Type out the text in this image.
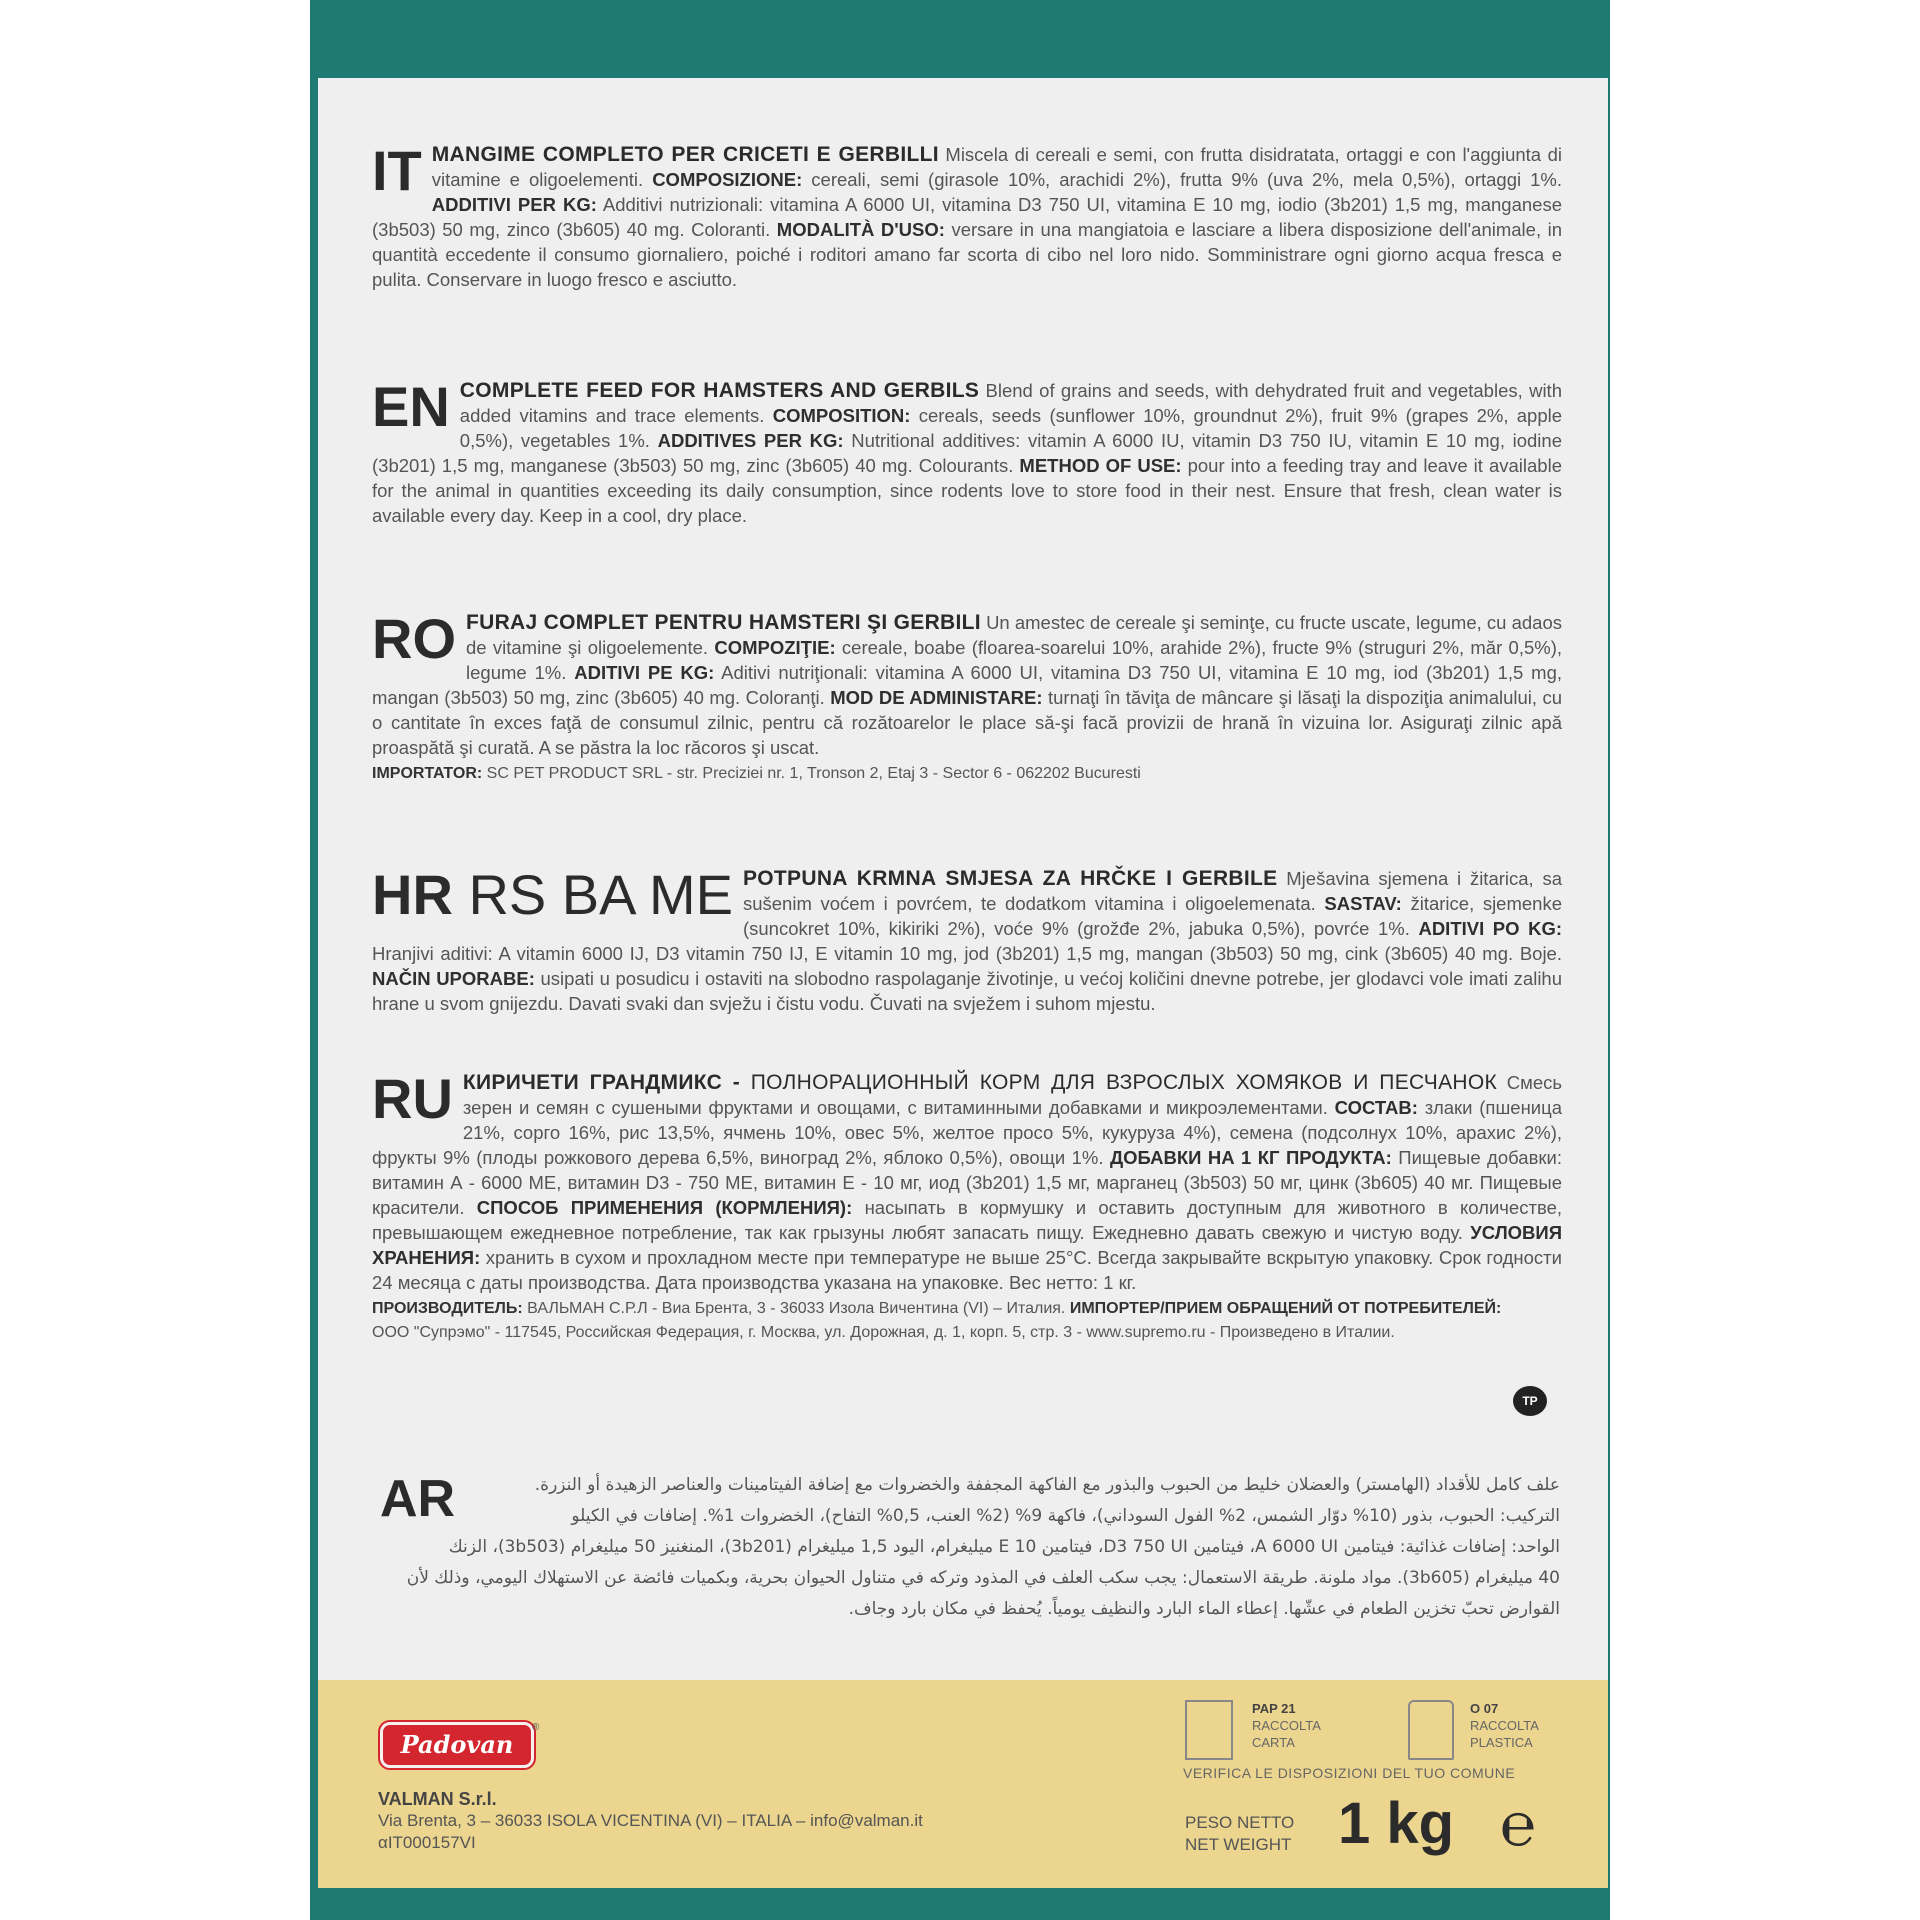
IT MANGIME COMPLETO PER CRICETI E GERBILLI Miscela di cereali e semi, con frutta disidratata, ortaggi e con l'aggiunta di vitamine e oligoelementi. COMPOSIZIONE: cereali, semi (girasole 10%, arachidi 2%), frutta 9% (uva 2%, mela 0,5%), ortaggi 1%. ADDITIVI PER KG: Additivi nutrizionali: vitamina A 6000 UI, vitamina D3 750 UI, vitamina E 10 mg, iodio (3b201) 1,5 mg, manganese (3b503) 50 mg, zinco (3b605) 40 mg. Coloranti. MODALITÀ D'USO: versare in una mangiatoia e lasciare a libera disposizione dell'animale, in quantità eccedente il consumo giornaliero, poiché i roditori amano far scorta di cibo nel loro nido. Somministrare ogni giorno acqua fresca e pulita. Conservare in luogo fresco e asciutto.
EN COMPLETE FEED FOR HAMSTERS AND GERBILS Blend of grains and seeds, with dehydrated fruit and vegetables, with added vitamins and trace elements. COMPOSITION: cereals, seeds (sunflower 10%, groundnut 2%), fruit 9% (grapes 2%, apple 0,5%), vegetables 1%. ADDITIVES PER KG: Nutritional additives: vitamin A 6000 IU, vitamin D3 750 IU, vitamin E 10 mg, iodine (3b201) 1,5 mg, manganese (3b503) 50 mg, zinc (3b605) 40 mg. Colourants. METHOD OF USE: pour into a feeding tray and leave it available for the animal in quantities exceeding its daily consumption, since rodents love to store food in their nest. Ensure that fresh, clean water is available every day. Keep in a cool, dry place.
RO FURAJ COMPLET PENTRU HAMSTERI ŞI GERBILI Un amestec de cereale şi seminţe, cu fructe uscate, legume, cu adaos de vitamine şi oligoelemente. COMPOZIŢIE: cereale, boabe (floarea-soarelui 10%, arahide 2%), fructe 9% (struguri 2%, măr 0,5%), legume 1%. ADITIVI PE KG: Aditivi nutriţionali: vitamina A 6000 UI, vitamina D3 750 UI, vitamina E 10 mg, iod (3b201) 1,5 mg, mangan (3b503) 50 mg, zinc (3b605) 40 mg. Coloranţi. MOD DE ADMINISTARE: turnaţi în tăviţa de mâncare şi lăsaţi la dispoziţia animalului, cu o cantitate în exces faţă de consumul zilnic, pentru că rozătoarelor le place să-şi facă provizii de hrană în vizuina lor. Asiguraţi zilnic apă proaspătă şi curată. A se păstra la loc răcoros şi uscat.
IMPORTATOR: SC PET PRODUCT SRL - str. Preciziei nr. 1, Tronson 2, Etaj 3 - Sector 6 - 062202 Bucuresti
HR RS BA ME POTPUNA KRMNA SMJESA ZA HRČKE I GERBILE Mješavina sjemena i žitarica, sa sušenim voćem i povrćem, te dodatkom vitamina i oligoelemenata. SASTAV: žitarice, sjemenke (suncokret 10%, kikiriki 2%), voće 9% (grožđe 2%, jabuka 0,5%), povrće 1%. ADITIVI PO KG: Hranjivi aditivi: A vitamin 6000 IJ, D3 vitamin 750 IJ, E vitamin 10 mg, jod (3b201) 1,5 mg, mangan (3b503) 50 mg, cink (3b605) 40 mg. Boje. NAČIN UPORABE: usipati u posudicu i ostaviti na slobodno raspolaganje životinje, u većoj količini dnevne potrebe, jer glodavci vole imati zalihu hrane u svom gnijezdu. Davati svaki dan svježu i čistu vodu. Čuvati na svježem i suhom mjestu.
RU КИРИЧЕТИ ГРАНДМИКС - ПОЛНОРАЦИОННЫЙ КОРМ ДЛЯ ВЗРОСЛЫХ ХОМЯКОВ И ПЕСЧАНОК Смесь зерен и семян с сушеными фруктами и овощами, с витаминными добавками и микроэлементами. СОСТАВ: злаки (пшеница 21%, сорго 16%, рис 13,5%, ячмень 10%, овес 5%, желтое просо 5%, кукуруза 4%), семена (подсолнух 10%, арахис 2%), фрукты 9% (плоды рожкового дерева 6,5%, виноград 2%, яблоко 0,5%), овощи 1%. ДОБАВКИ НА 1 КГ ПРОДУКТА: Пищевые добавки: витамин А - 6000 МЕ, витамин D3 - 750 МЕ, витамин Е - 10 мг, иод (3b201) 1,5 мг, марганец (3b503) 50 мг, цинк (3b605) 40 мг. Пищевые красители. СПОСОБ ПРИМЕНЕНИЯ (КОРМЛЕНИЯ): насыпать в кормушку и оставить доступным для животного в количестве, превышающем ежедневное потребление, так как грызуны любят запасать пищу. Ежедневно давать свежую и чистую воду. УСЛОВИЯ ХРАНЕНИЯ: хранить в сухом и прохладном месте при температуре не выше 25°С. Всегда закрывайте вскрытую упаковку. Срок годности 24 месяца с даты производства. Дата производства указана на упаковке. Вес нетто: 1 кг.
ПРОИЗВОДИТЕЛЬ: ВАЛЬМАН С.Р.Л - Виа Брента, 3 - 36033 Изола Вичентина (VI) – Италия. ИМПОРТЕР/ПРИЕМ ОБРАЩЕНИЙ ОТ ПОТРЕБИТЕЛЕЙ: ООО "Супрэмо" - 117545, Российская Федерация, г. Москва, ул. Дорожная, д. 1, корп. 5, стр. 3 - www.supremo.ru - Произведено в Италии.
ТР
AR	علف كامل للأقداد (الهامستر) والعضلان خليط من الحبوب والبذور مع الفاكهة المجففة والخضروات مع إضافة الفيتامينات والعناصر الزهيدة أو النزرة.
التركيب: الحبوب، بذور (10% دوّار الشمس، 2% الفول السوداني)، فاكهة 9% (2% العنب، 0,5% التفاح)، الخضروات 1%. إضافات في الكيلو
الواحد: إضافات غذائية: فيتامين A 6000 UI، فيتامين D3 750 UI، فيتامين E 10 ميليغرام، اليود 1,5 ميليغرام (3b201)، المنغنيز 50 ميليغرام (3b503)، الزنك
40 ميليغرام (3b605). مواد ملونة. طريقة الاستعمال: يجب سكب العلف في المذود وتركه في متناول الحيوان بحرية، وبكميات فائضة عن الاستهلاك اليومي، وذلك لأن
القوارض تحبّ تخزين الطعام في عشّها. إعطاء الماء البارد والنظيف يومياً. يُحفظ في مكان بارد وجاف.
Padovan
®
VALMAN S.r.l.
Via Brenta, 3 – 36033 ISOLA VICENTINA (VI) – ITALIA – info@valman.it
αIT000157VI
PAP 21
RACCOLTA
CARTA
O 07
RACCOLTA
PLASTICA
VERIFICA LE DISPOSIZIONI DEL TUO COMUNE
PESO NETTO
NET WEIGHT 1 kg ℮
